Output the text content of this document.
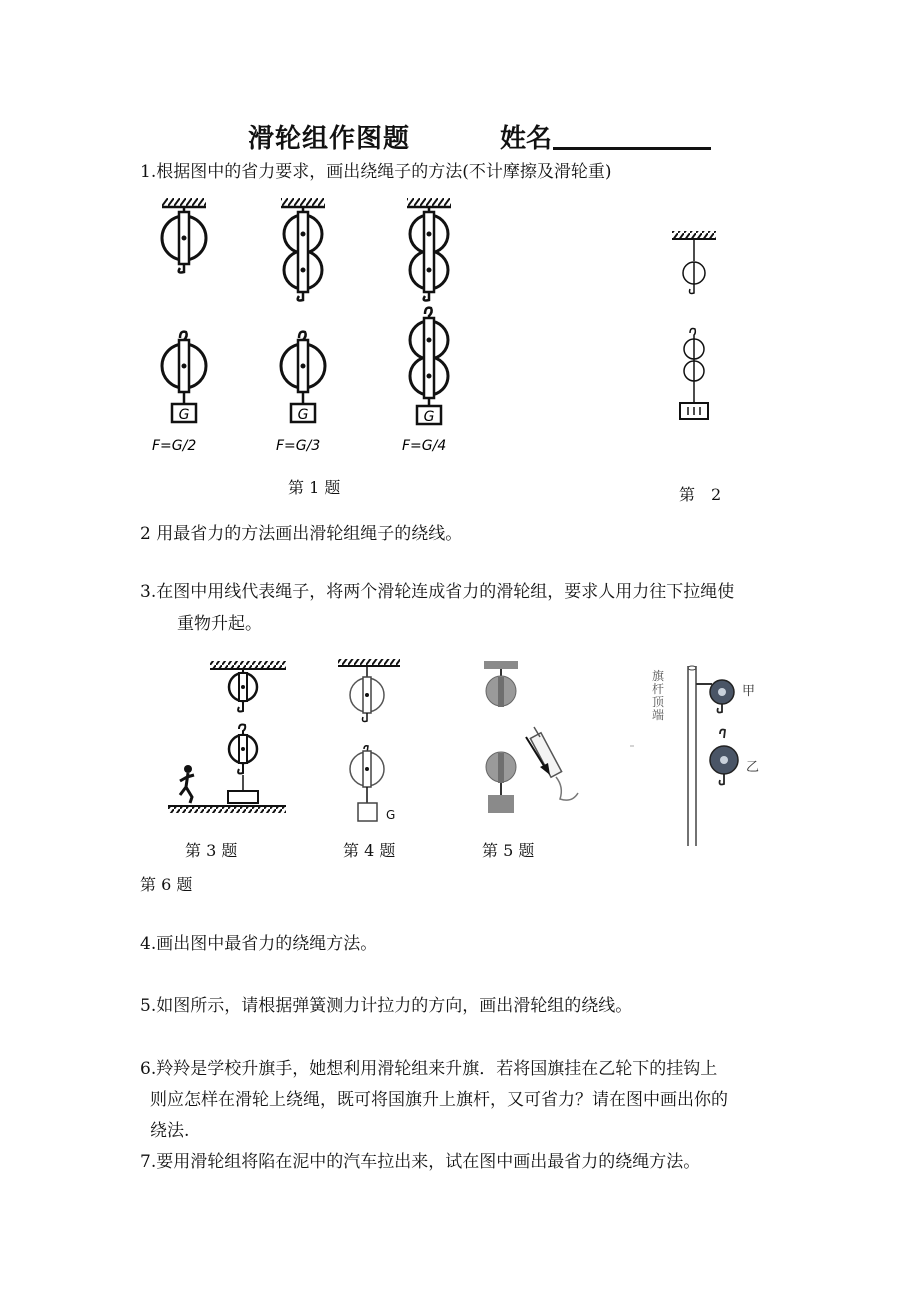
滑轮组作图题	姓名
1.根据图中的省力要求，画出绕绳子的方法(不计摩擦及滑轮重)
G	G	G
F=G/2	F=G/3	F=G/4
第 1 题	第　2
2 用最省力的方法画出滑轮组绳子的绕线。
3.在图中用线代表绳子，将两个滑轮连成省力的滑轮组，要求人用力往下拉绳使
重物升起。
第 3 题
G
第 4 题	第 5 题
旗杆顶端
甲
乙
第 6 题
4.画出图中最省力的绕绳方法。
5.如图所示，请根据弹簧测力计拉力的方向，画出滑轮组的绕线。
6.羚羚是学校升旗手，她想利用滑轮组来升旗．若将国旗挂在乙轮下的挂钩上
则应怎样在滑轮上绕绳，既可将国旗升上旗杆，又可省力？请在图中画出你的
绕法.
7.要用滑轮组将陷在泥中的汽车拉出来，试在图中画出最省力的绕绳方法。
